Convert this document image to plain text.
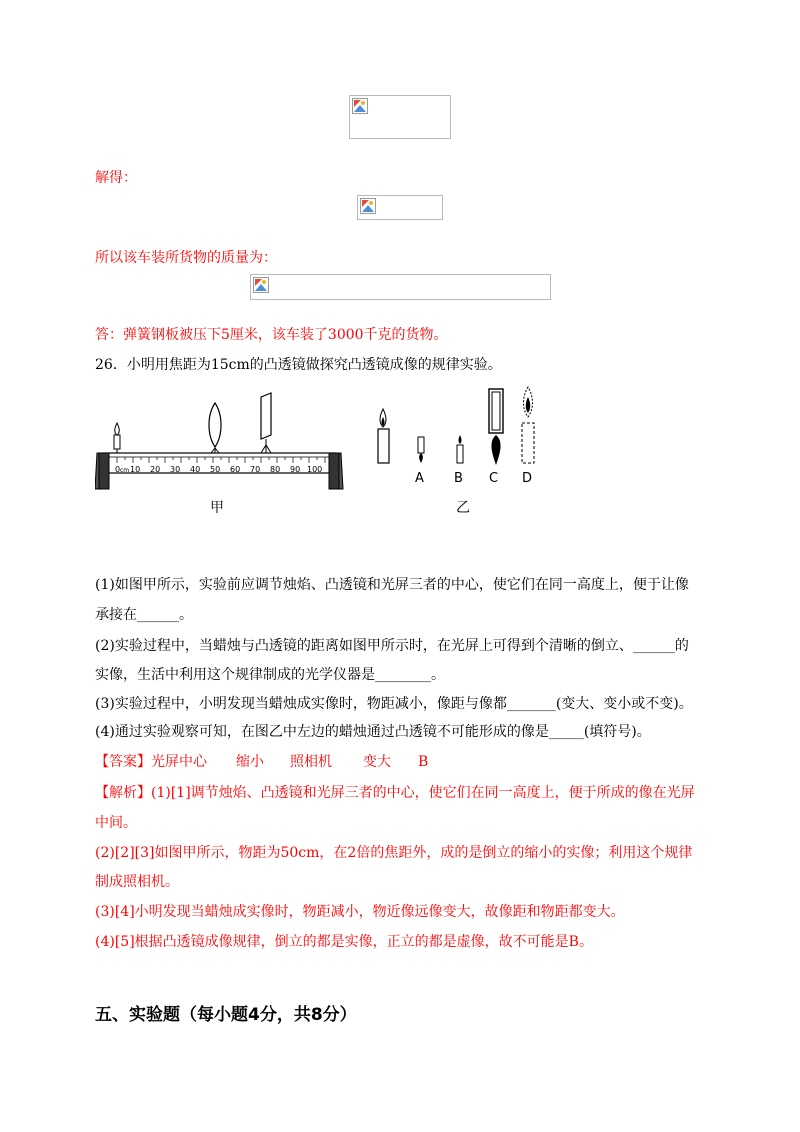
解得：
所以该车装所货物的质量为：
答：弹簧钢板被压下5厘米，该车装了3000千克的货物。
26．小明用焦距为15cm的凸透镜做探究凸透镜成像的规律实验。
0 cm 10 20 30 40 50 60 70 80 90 100
甲
A B C D
乙
(1)如图甲所示，实验前应调节烛焰、凸透镜和光屏三者的中心，使它们在同一高度上，便于让像
承接在______。
(2)实验过程中，当蜡烛与凸透镜的距离如图甲所示时，在光屏上可得到个清晰的倒立、______的
实像，生活中利用这个规律制成的光学仪器是________。
(3)实验过程中，小明发现当蜡烛成实像时，物距减小，像距与像都_______(变大、变小或不变)。
(4)通过实验观察可知，在图乙中左边的蜡烛通过凸透镜不可能形成的像是_____(填符号)。
【答案】光屏中心 缩小 照相机 变大 B
【解析】(1)[1]调节烛焰、凸透镜和光屏三者的中心，使它们在同一高度上，便于所成的像在光屏
中间。
(2)[2][3]如图甲所示，物距为50cm，在2倍的焦距外，成的是倒立的缩小的实像；利用这个规律
制成照相机。
(3)[4]小明发现当蜡烛成实像时，物距减小，物近像远像变大，故像距和物距都变大。
(4)[5]根据凸透镜成像规律，倒立的都是实像，正立的都是虚像，故不可能是B。
五、实验题（每小题4分，共8分）
